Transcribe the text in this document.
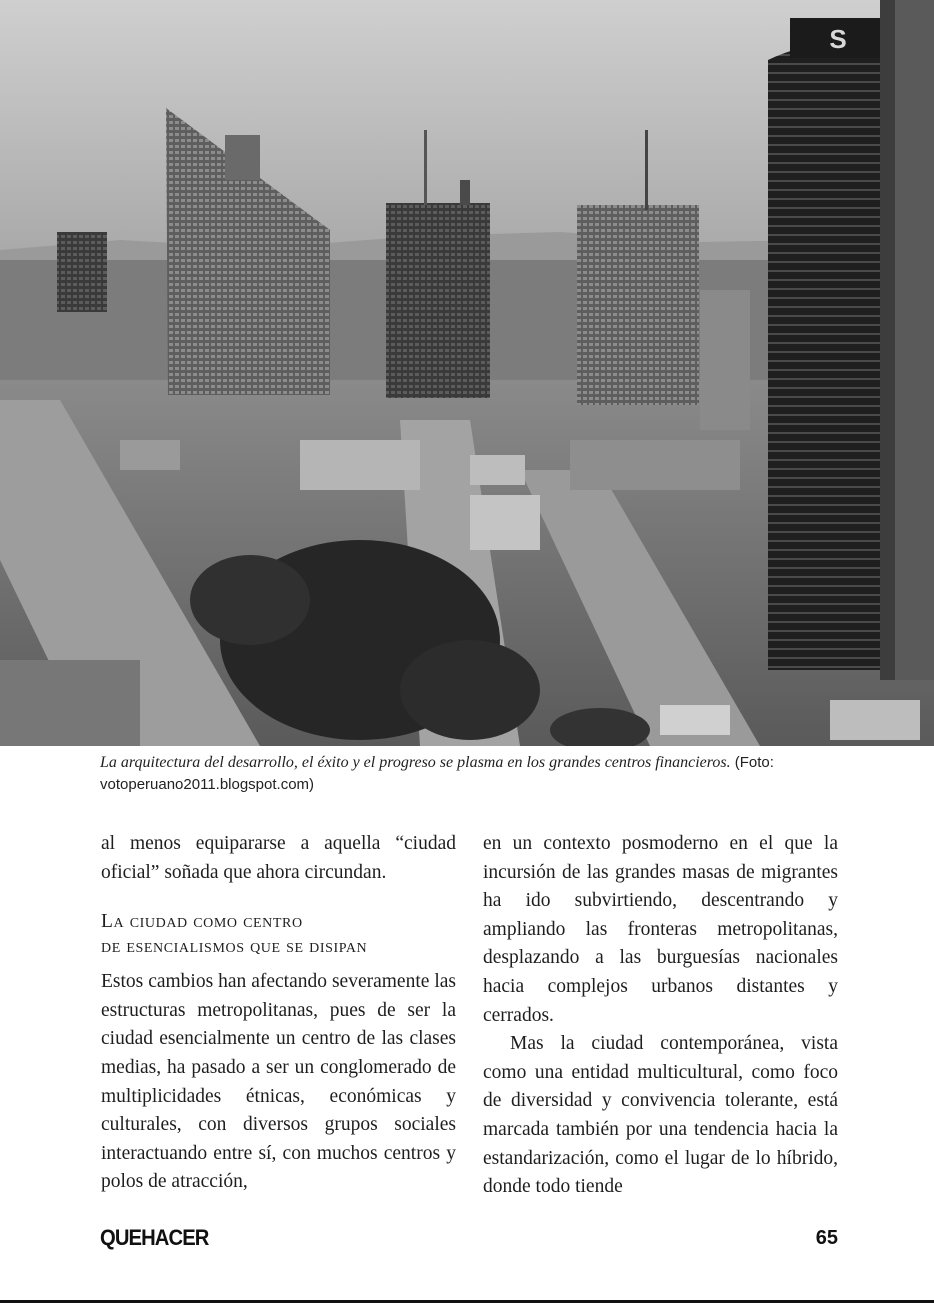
S
La arquitectura del desarrollo, el éxito y el progreso se plasma en los grandes centros financieros. (Foto: votoperuano2011.blogspot.com)

al menos equipararse a aquella “ciudad oficial” soñada que ahora circundan.

La ciudad como centro
de esencialismos que se disipan

Estos cambios han afectando severamente las estructuras metropolitanas, pues de ser la ciudad esencialmente un centro de las clases medias, ha pasado a ser un conglomerado de multiplicidades étnicas, económicas y culturales, con diversos grupos sociales interactuando entre sí, con muchos centros y polos de atracción,

en un contexto posmoderno en el que la incursión de las grandes masas de migrantes ha ido subvirtiendo, descentrando y ampliando las fronteras metropolitanas, desplazando a las burguesías nacionales hacia complejos urbanos distantes y cerrados.

Mas la ciudad contemporánea, vista como una entidad multicultural, como foco de diversidad y convivencia tolerante, está marcada también por una tendencia hacia la estandarización, como el lugar de lo híbrido, donde todo tiende

QUEHACER	65
